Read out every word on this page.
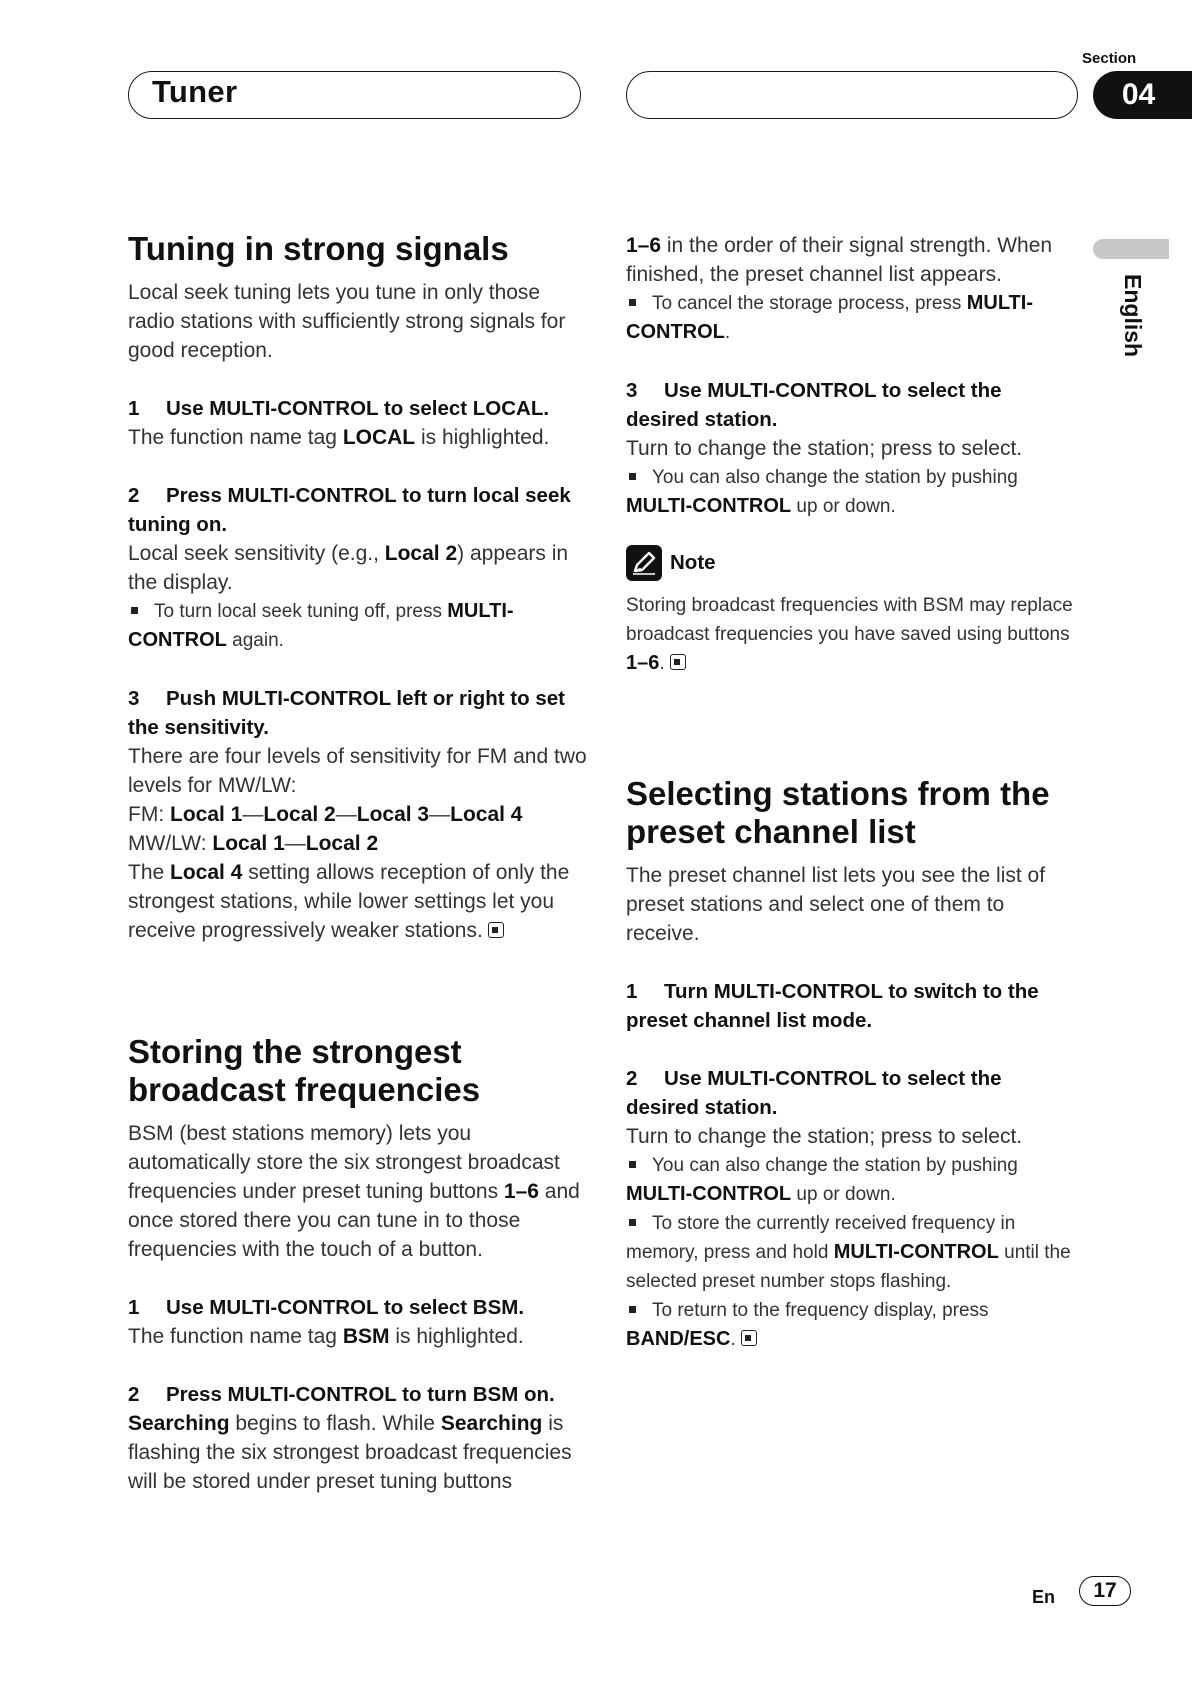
Tuner
Section
04
English
Tuning in strong signals

Local seek tuning lets you tune in only those radio stations with sufficiently strong signals for good reception.

1 Use MULTI-CONTROL to select LOCAL.

The function name tag LOCAL is highlighted.

2 Press MULTI-CONTROL to turn local seek tuning on.

Local seek sensitivity (e.g., Local 2) appears in the display.

To turn local seek tuning off, press MULTI-CONTROL again.

3 Push MULTI-CONTROL left or right to set the sensitivity.

There are four levels of sensitivity for FM and two levels for MW/LW:

FM: Local 1—Local 2—Local 3—Local 4

MW/LW: Local 1—Local 2

The Local 4 setting allows reception of only the strongest stations, while lower settings let you receive progressively weaker stations.

Storing the strongest broadcast frequencies

BSM (best stations memory) lets you automatically store the six strongest broadcast frequencies under preset tuning buttons 1–6 and once stored there you can tune in to those frequencies with the touch of a button.

1 Use MULTI-CONTROL to select BSM.

The function name tag BSM is highlighted.

2 Press MULTI-CONTROL to turn BSM on.

Searching begins to flash. While Searching is flashing the six strongest broadcast frequencies will be stored under preset tuning buttons

1–6 in the order of their signal strength. When finished, the preset channel list appears.

To cancel the storage process, press MULTI-CONTROL.

3 Use MULTI-CONTROL to select the desired station.

Turn to change the station; press to select.

You can also change the station by pushing MULTI-CONTROL up or down.

Note

Storing broadcast frequencies with BSM may replace broadcast frequencies you have saved using buttons 1–6.

Selecting stations from the preset channel list

The preset channel list lets you see the list of preset stations and select one of them to receive.

1 Turn MULTI-CONTROL to switch to the preset channel list mode.

2 Use MULTI-CONTROL to select the desired station.

Turn to change the station; press to select.

You can also change the station by pushing MULTI-CONTROL up or down.

To store the currently received frequency in memory, press and hold MULTI-CONTROL until the selected preset number stops flashing.

To return to the frequency display, press BAND/ESC.

En	17
